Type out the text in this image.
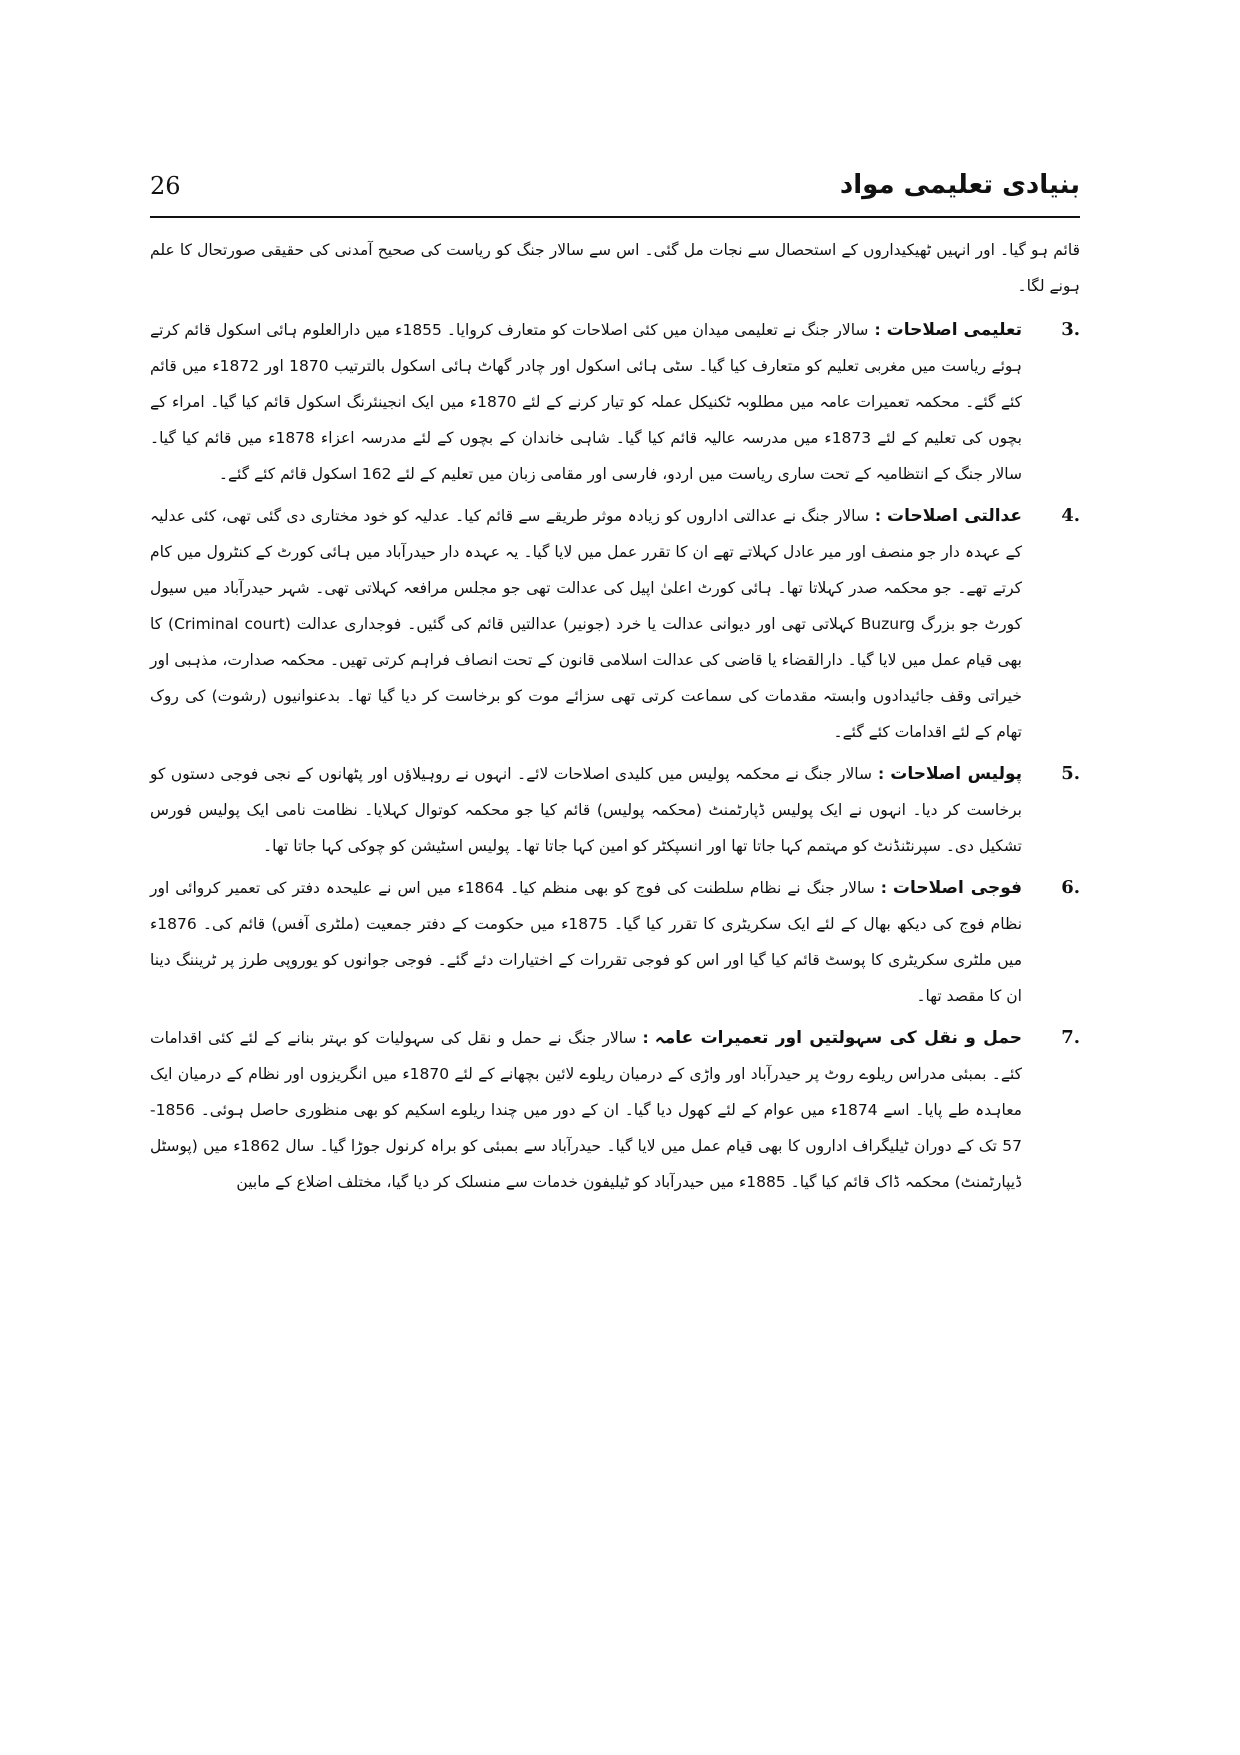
بنیادی تعلیمی مواد
26

قائم ہو گیا۔ اور انہیں ٹھیکیداروں کے استحصال سے نجات مل گئی۔ اس سے سالار جنگ کو ریاست کی صحیح آمدنی کی حقیقی صورتحال کا علم ہونے لگا۔

3.
تعلیمی اصلاحات:سالار جنگ نے تعلیمی میدان میں کئی اصلاحات کو متعارف کروایا۔ 1855ء میں دارالعلوم ہائی اسکول قائم کرتے ہوئے ریاست میں مغربی تعلیم کو متعارف کیا گیا۔ سٹی ہائی اسکول اور چادر گھاٹ ہائی اسکول بالترتیب 1870 اور 1872ء میں قائم کئے گئے۔ محکمہ تعمیرات عامہ میں مطلوبہ ٹکنیکل عملہ کو تیار کرنے کے لئے 1870ء میں ایک انجینئرنگ اسکول قائم کیا گیا۔ امراء کے بچوں کی تعلیم کے لئے 1873ء میں مدرسہ عالیہ قائم کیا گیا۔ شاہی خاندان کے بچوں کے لئے مدرسہ اعزاء 1878ء میں قائم کیا گیا۔ سالار جنگ کے انتظامیہ کے تحت ساری ریاست میں اردو، فارسی اور مقامی زبان میں تعلیم کے لئے 162 اسکول قائم کئے گئے۔
4.
عدالتی اصلاحات:سالار جنگ نے عدالتی اداروں کو زیادہ موثر طریقے سے قائم کیا۔ عدلیہ کو خود مختاری دی گئی تھی، کئی عدلیہ کے عہدہ دار جو منصف اور میر عادل کہلاتے تھے ان کا تقرر عمل میں لایا گیا۔ یہ عہدہ دار حیدرآباد میں ہائی کورٹ کے کنٹرول میں کام کرتے تھے۔ جو محکمہ صدر کہلاتا تھا۔ ہائی کورٹ اعلیٰ اپیل کی عدالت تھی جو مجلس مرافعہ کہلاتی تھی۔ شہر حیدرآباد میں سیول کورٹ جو بزرگ Buzurg کہلاتی تھی اور دیوانی عدالت یا خرد (جونیر) عدالتیں قائم کی گئیں۔ فوجداری عدالت (Criminal court) کا بھی قیام عمل میں لایا گیا۔ دارالقضاء یا قاضی کی عدالت اسلامی قانون کے تحت انصاف فراہم کرتی تھیں۔ محکمہ صدارت، مذہبی اور خیراتی وقف جائیدادوں وابستہ مقدمات کی سماعت کرتی تھی سزائے موت کو برخاست کر دیا گیا تھا۔ بدعنوانیوں (رشوت) کی روک تھام کے لئے اقدامات کئے گئے۔
5.
پولیس اصلاحات:سالار جنگ نے محکمہ پولیس میں کلیدی اصلاحات لائے۔ انہوں نے روہیلاؤں اور پٹھانوں کے نجی فوجی دستوں کو برخاست کر دیا۔ انہوں نے ایک پولیس ڈپارٹمنٹ (محکمہ پولیس) قائم کیا جو محکمہ کوتوال کہلایا۔ نظامت نامی ایک پولیس فورس تشکیل دی۔ سپرنٹنڈنٹ کو مہتمم کہا جاتا تھا اور انسپکٹر کو امین کہا جاتا تھا۔ پولیس اسٹیشن کو چوکی کہا جاتا تھا۔
6.
فوجی اصلاحات:سالار جنگ نے نظام سلطنت کی فوج کو بھی منظم کیا۔ 1864ء میں اس نے علیحدہ دفتر کی تعمیر کروائی اور نظام فوج کی دیکھ بھال کے لئے ایک سکریٹری کا تقرر کیا گیا۔ 1875ء میں حکومت کے دفتر جمعیت (ملٹری آفس) قائم کی۔ 1876ء میں ملٹری سکریٹری کا پوسٹ قائم کیا گیا اور اس کو فوجی تقررات کے اختیارات دئے گئے۔ فوجی جوانوں کو یوروپی طرز پر ٹریننگ دینا ان کا مقصد تھا۔
7.
حمل و نقل کی سہولتیں اور تعمیرات عامہ:سالار جنگ نے حمل و نقل کی سہولیات کو بہتر بنانے کے لئے کئی اقدامات کئے۔ بمبئی مدراس ریلوے روٹ پر حیدرآباد اور واڑی کے درمیان ریلوے لائین بچھانے کے لئے 1870ء میں انگریزوں اور نظام کے درمیان ایک معاہدہ طے پایا۔ اسے 1874ء میں عوام کے لئے کھول دیا گیا۔ ان کے دور میں چندا ریلوے اسکیم کو بھی منظوری حاصل ہوئی۔ 1856-57 تک کے دوران ٹیلیگراف اداروں کا بھی قیام عمل میں لایا گیا۔ حیدرآباد سے بمبئی کو براہ کرنول جوڑا گیا۔ سال 1862ء میں (پوسٹل ڈیپارٹمنٹ) محکمہ ڈاک قائم کیا گیا۔ 1885ء میں حیدرآباد کو ٹیلیفون خدمات سے منسلک کر دیا گیا، مختلف اضلاع کے مابین
